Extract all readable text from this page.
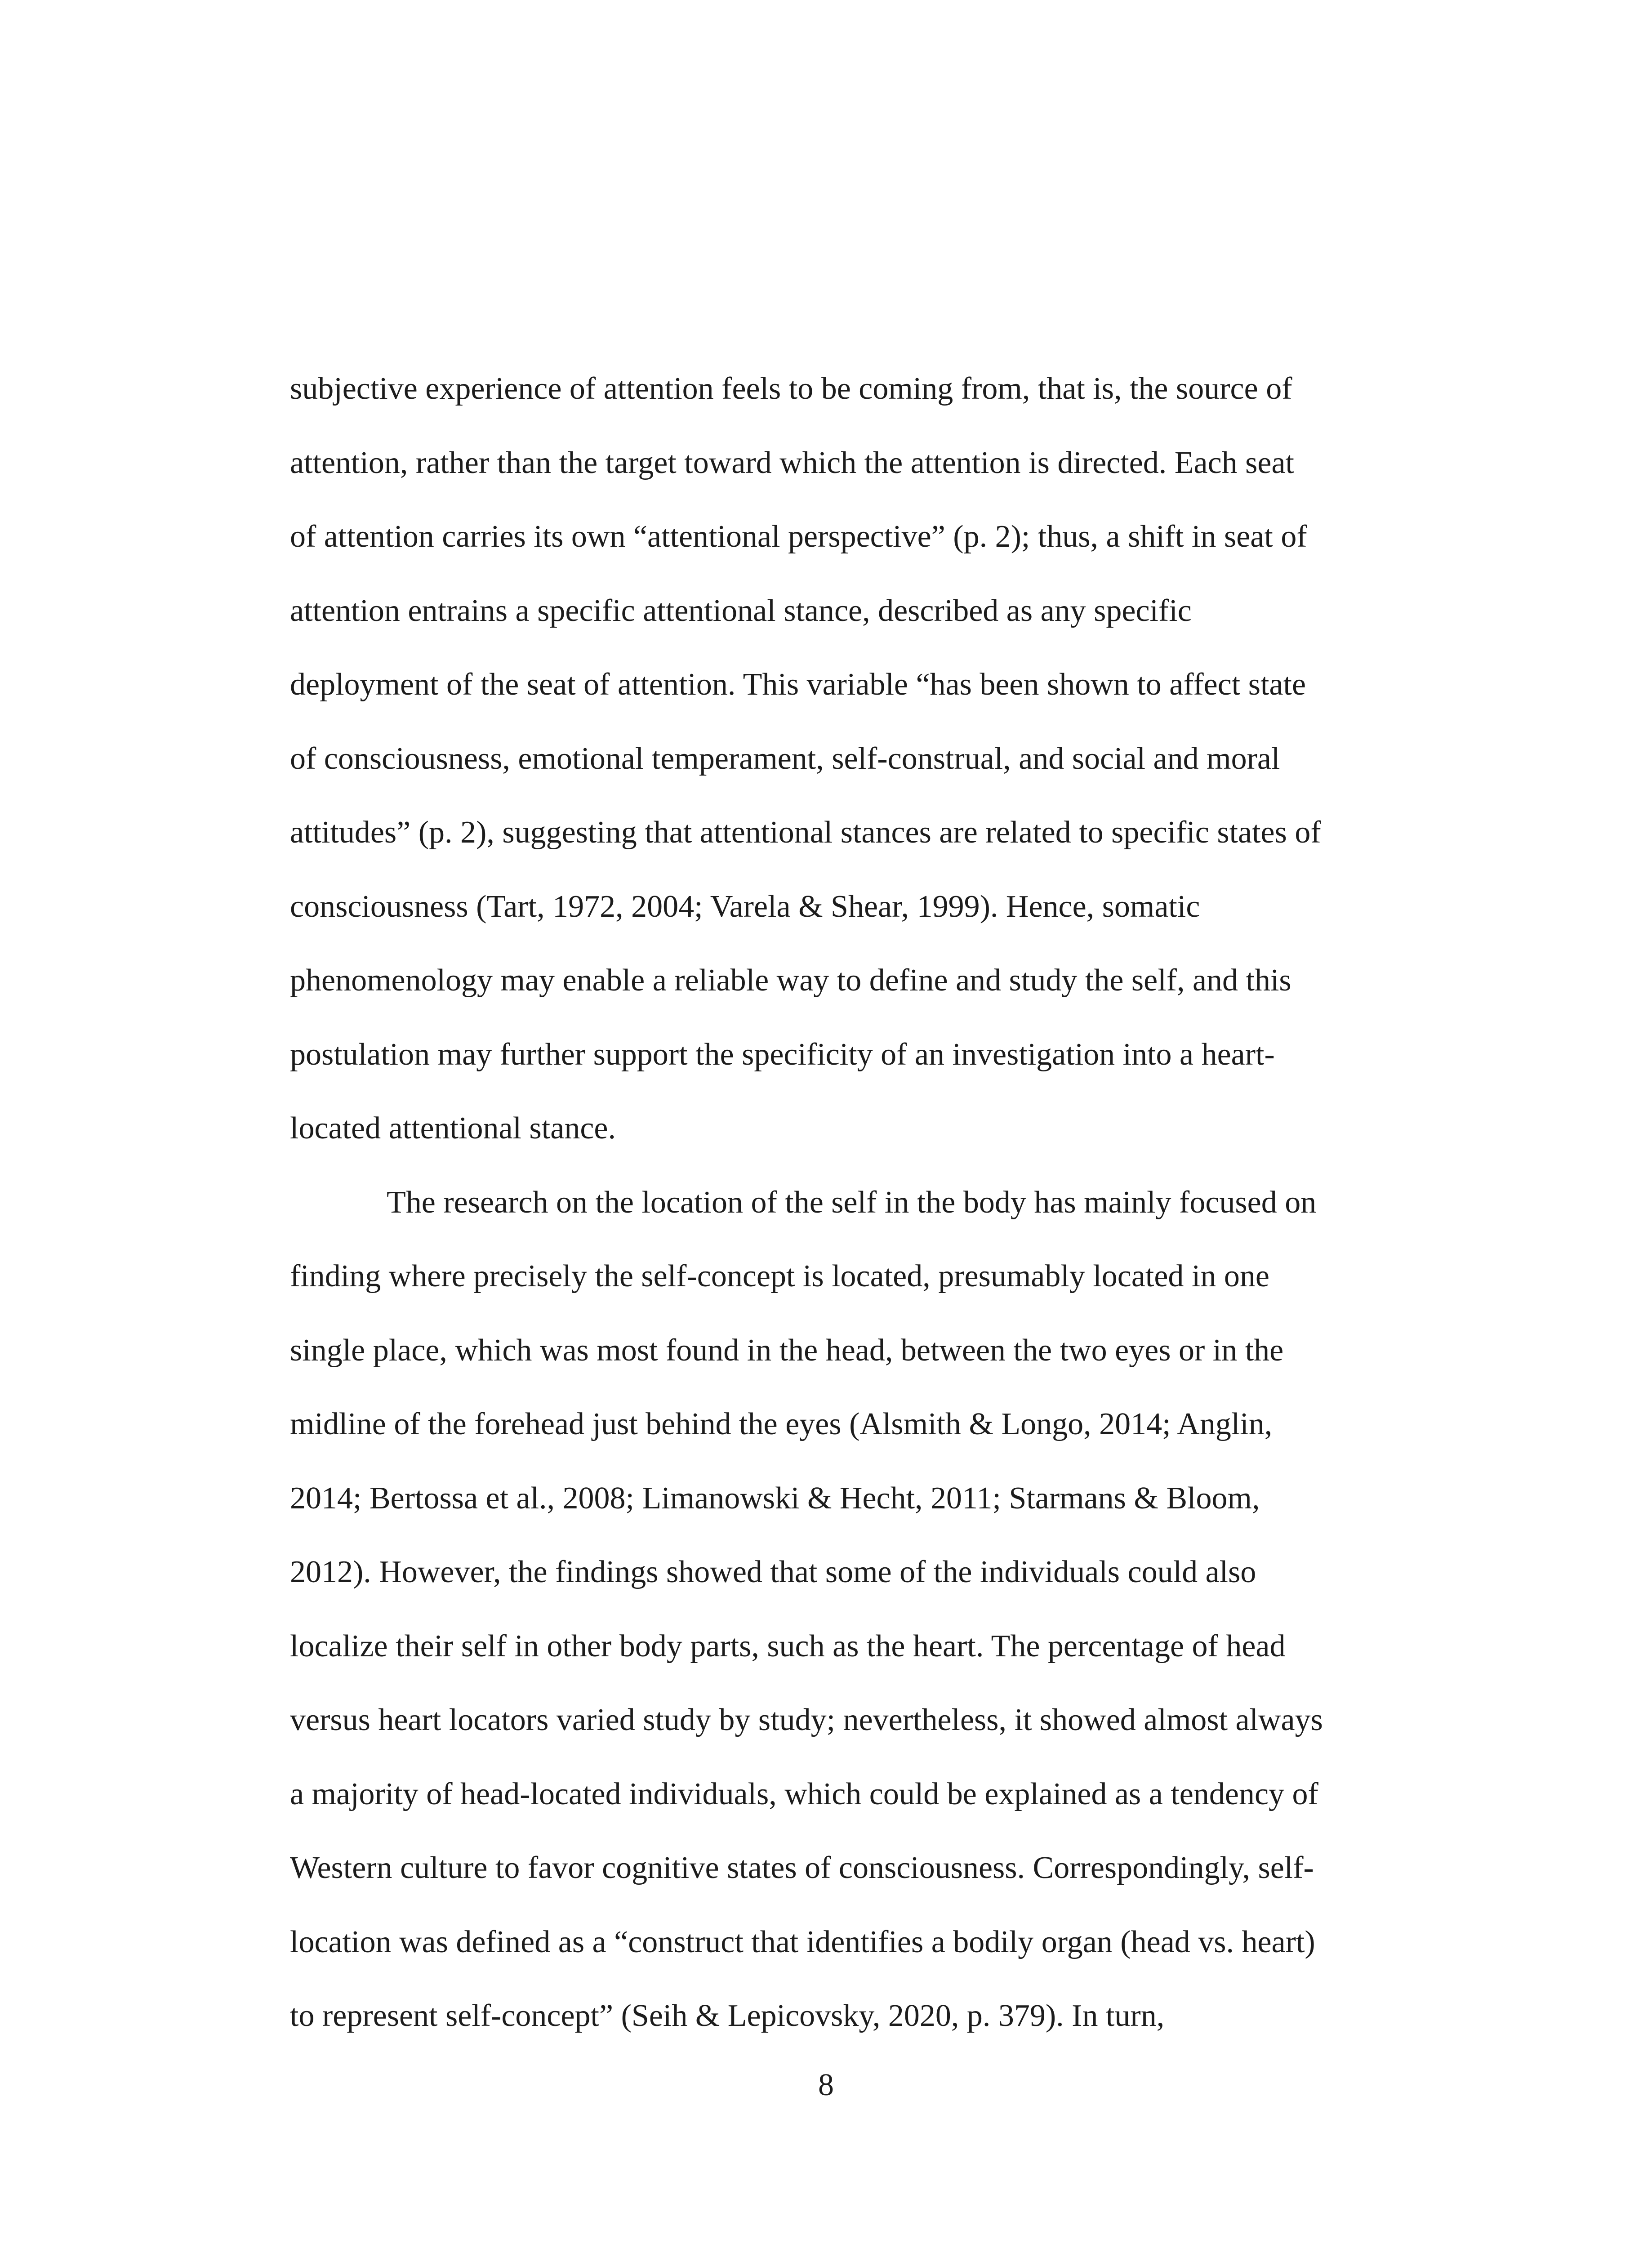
subjective experience of attention feels to be coming from, that is, the source of
attention, rather than the target toward which the attention is directed. Each seat
of attention carries its own “attentional perspective” (p. 2); thus, a shift in seat of
attention entrains a specific attentional stance, described as any specific
deployment of the seat of attention. This variable “has been shown to affect state
of consciousness, emotional temperament, self-construal, and social and moral
attitudes” (p. 2), suggesting that attentional stances are related to specific states of
consciousness (Tart, 1972, 2004; Varela & Shear, 1999). Hence, somatic
phenomenology may enable a reliable way to define and study the self, and this
postulation may further support the specificity of an investigation into a heart-
located attentional stance.
The research on the location of the self in the body has mainly focused on
finding where precisely the self-concept is located, presumably located in one
single place, which was most found in the head, between the two eyes or in the
midline of the forehead just behind the eyes (Alsmith & Longo, 2014; Anglin,
2014; Bertossa et al., 2008; Limanowski & Hecht, 2011; Starmans & Bloom,
2012). However, the findings showed that some of the individuals could also
localize their self in other body parts, such as the heart. The percentage of head
versus heart locators varied study by study; nevertheless, it showed almost always
a majority of head-located individuals, which could be explained as a tendency of
Western culture to favor cognitive states of consciousness. Correspondingly, self-
location was defined as a “construct that identifies a bodily organ (head vs. heart)
to represent self-concept” (Seih & Lepicovsky, 2020, p. 379). In turn,
8
